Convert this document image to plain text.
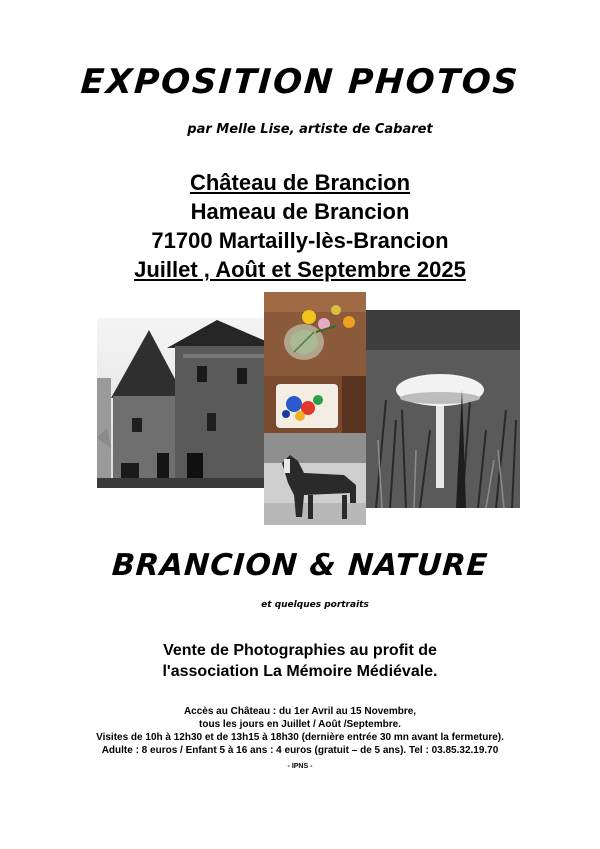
EXPOSITION PHOTOS
par Melle Lise, artiste de Cabaret
Château de Brancion
Hameau de Brancion
71700 Martailly-lès-Brancion
Juillet , Août et Septembre 2025
BRANCION & NATURE
et quelques portraits
Vente de Photographies au profit de
l'association La Mémoire Médiévale.
Accès au Château : du 1er Avril au 15 Novembre,
tous les jours en Juillet / Août /Septembre.
Visites de 10h à 12h30 et de 13h15 à 18h30 (dernière entrée 30 mn avant la fermeture).
Adulte : 8 euros / Enfant 5 à 16 ans : 4 euros (gratuit – de 5 ans). Tel : 03.85.32.19.70
- IPNS -
